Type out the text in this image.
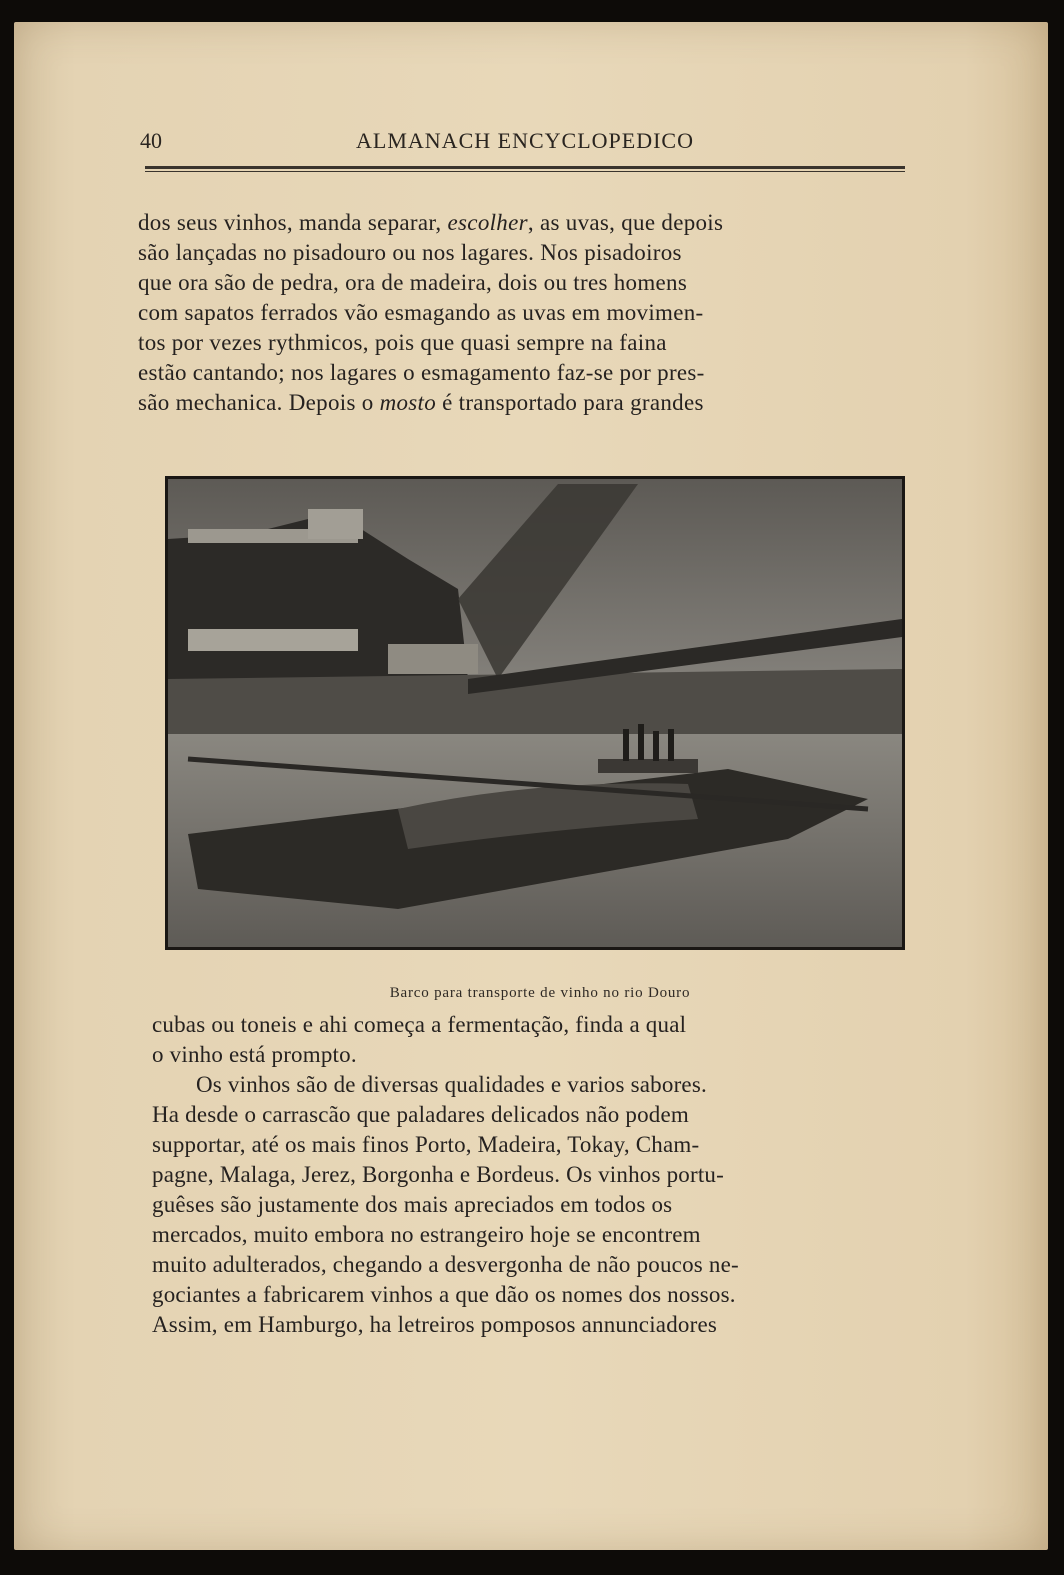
40	ALMANACH ENCYCLOPEDICO
dos seus vinhos, manda separar, escolher, as uvas, que depois
são lançadas no pisadouro ou nos lagares. Nos pisadoiros
que ora são de pedra, ora de madeira, dois ou tres homens
com sapatos ferrados vão esmagando as uvas em movimen-
tos por vezes rythmicos, pois que quasi sempre na faina
estão cantando; nos lagares o esmagamento faz-se por pres-
são mechanica. Depois o mosto é transportado para grandes
Barco para transporte de vinho no rio Douro
cubas ou toneis e ahi começa a fermentação, finda a qual
o vinho está prompto.
Os vinhos são de diversas qualidades e varios sabores.
Ha desde o carrascão que paladares delicados não podem
supportar, até os mais finos Porto, Madeira, Tokay, Cham-
pagne, Malaga, Jerez, Borgonha e Bordeus. Os vinhos portu-
guêses são justamente dos mais apreciados em todos os
mercados, muito embora no estrangeiro hoje se encontrem
muito adulterados, chegando a desvergonha de não poucos ne-
gociantes a fabricarem vinhos a que dão os nomes dos nossos.
Assim, em Hamburgo, ha letreiros pomposos annunciadores
